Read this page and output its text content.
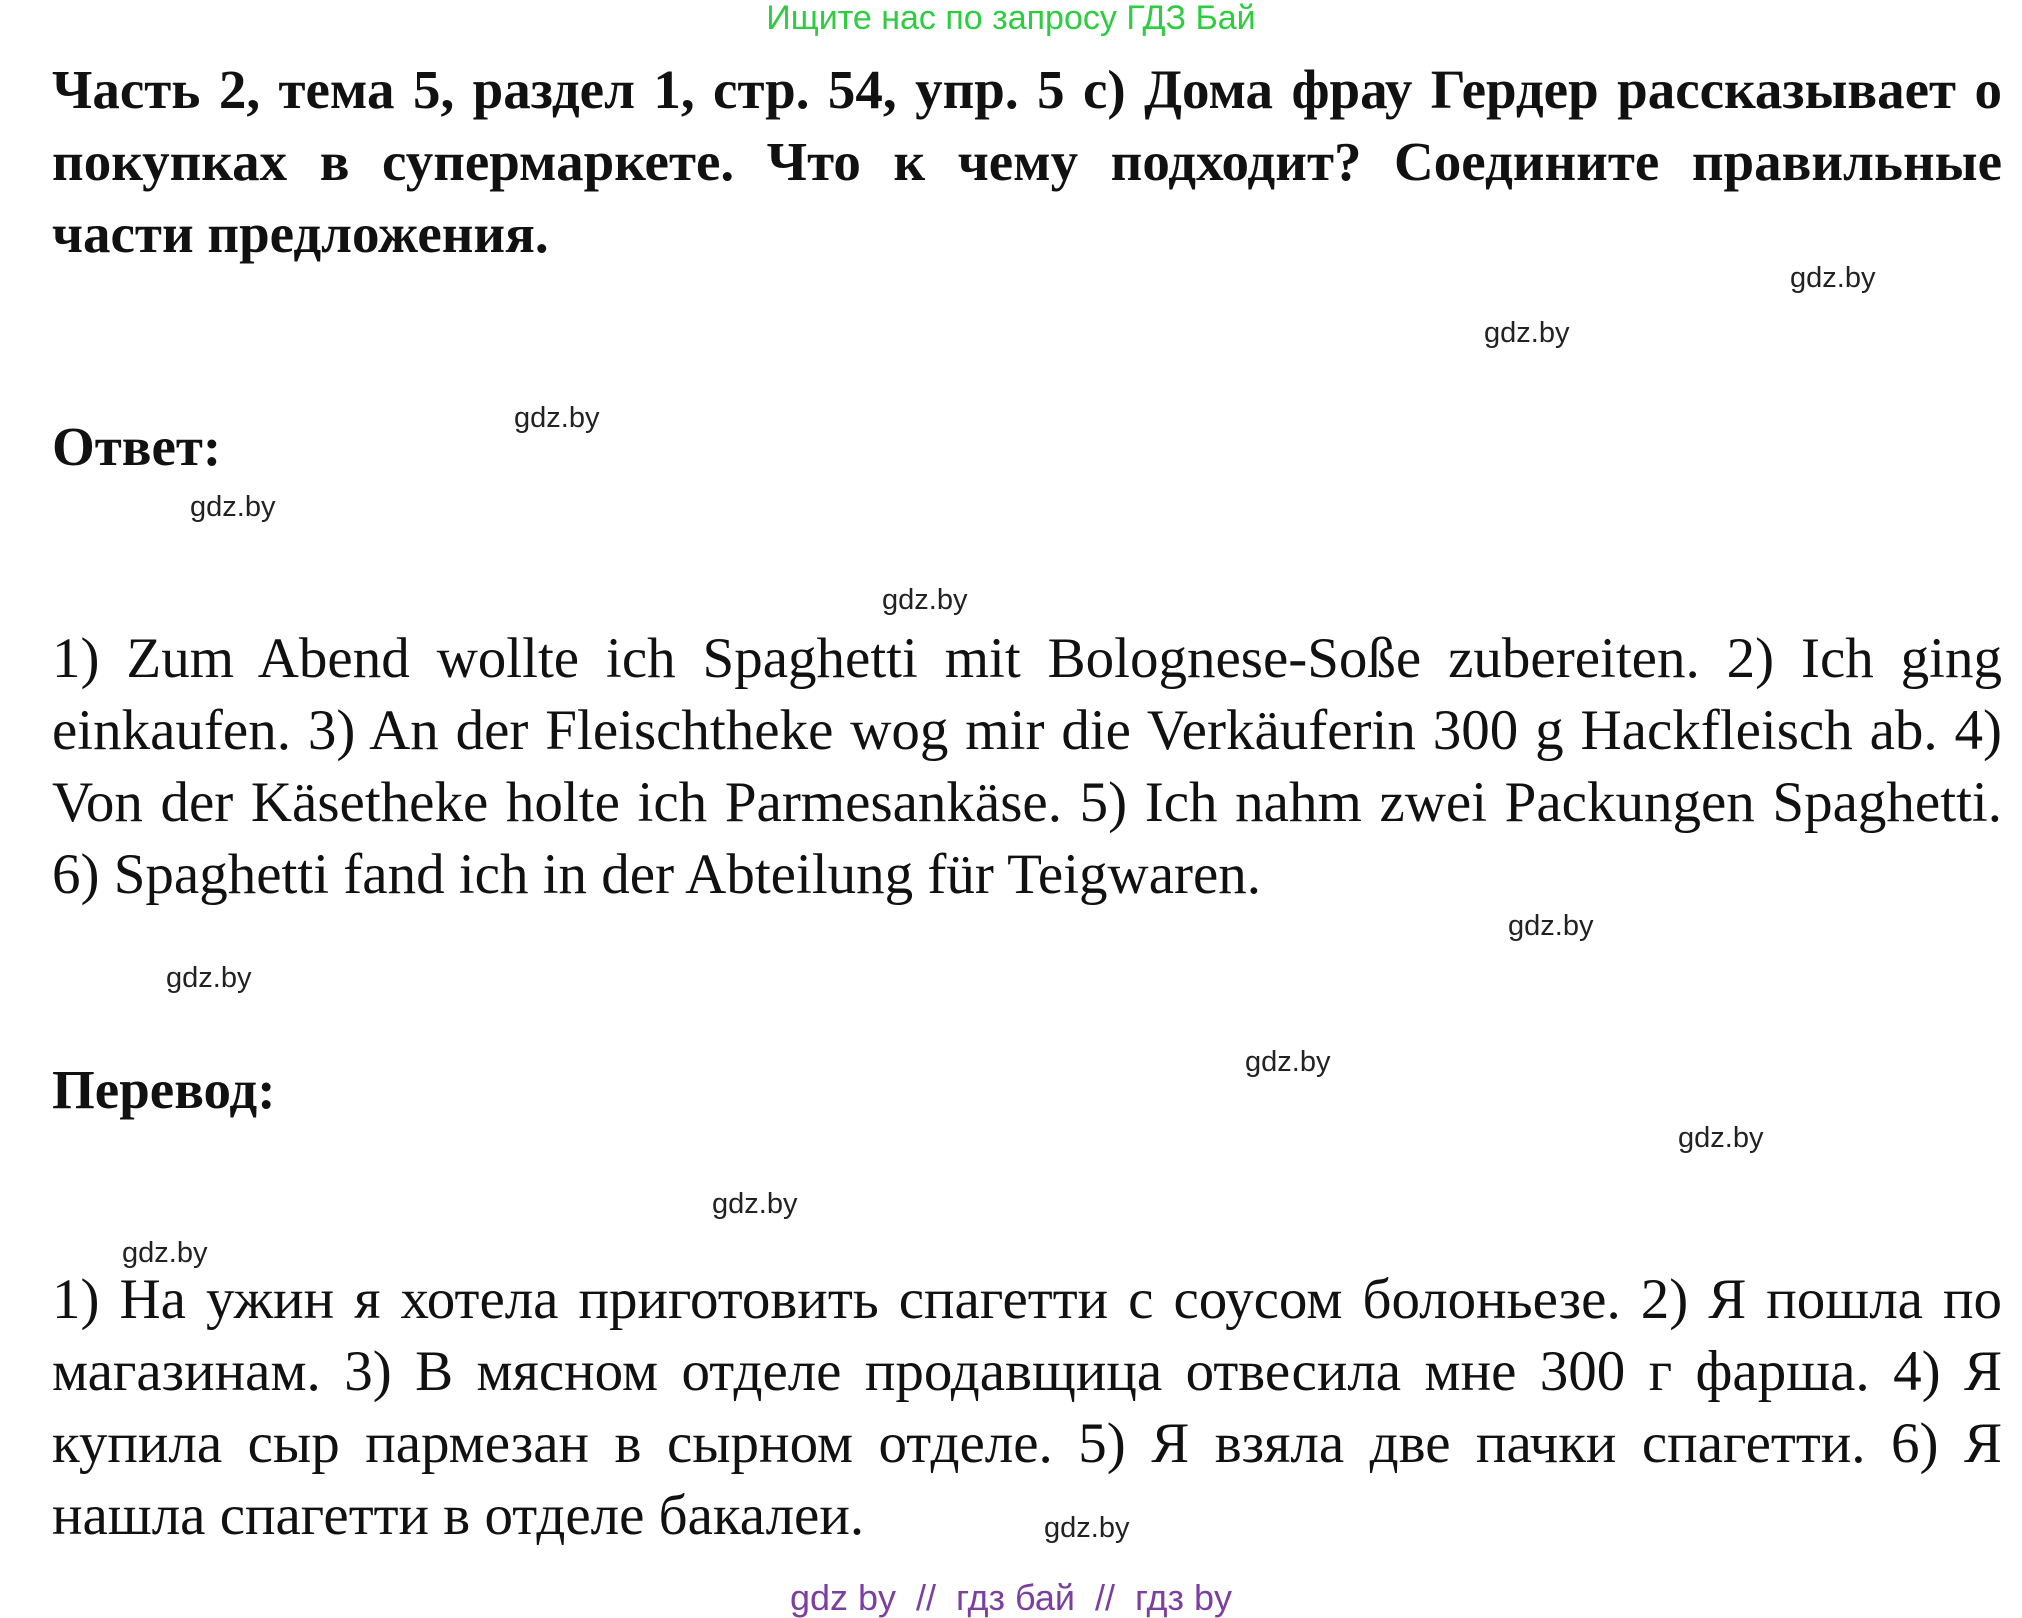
Ищите нас по запросу ГДЗ Бай
Часть 2, тема 5, раздел 1, стр. 54, упр. 5 c) Дома фрау Гердер рассказывает о покупках в супермаркете. Что к чему подходит? Соедините правильные части предложения.
Ответ:
1) Zum Abend wollte ich Spaghetti mit Bolognese-Soße zubereiten. 2) Ich ging einkaufen. 3) An der Fleischtheke wog mir die Verkäuferin 300 g Hackfleisch ab. 4) Von der Käsetheke holte ich Parmesankäse. 5) Ich nahm zwei Packungen Spaghetti. 6) Spaghetti fand ich in der Abteilung für Teigwaren.
Перевод:
1) На ужин я хотела приготовить спагетти с соусом болоньезе. 2) Я пошла по магазинам. 3) В мясном отделе продавщица отвесила мне 300 г фарша. 4) Я купила сыр пармезан в сырном отделе. 5) Я взяла две пачки спагетти. 6) Я нашла спагетти в отделе бакалеи.
gdz.by
gdz.by
gdz.by
gdz.by
gdz.by
gdz.by
gdz.by
gdz.by
gdz.by
gdz.by
gdz.by
gdz.by
gdz by  //  гдз бай  //  гдз by
